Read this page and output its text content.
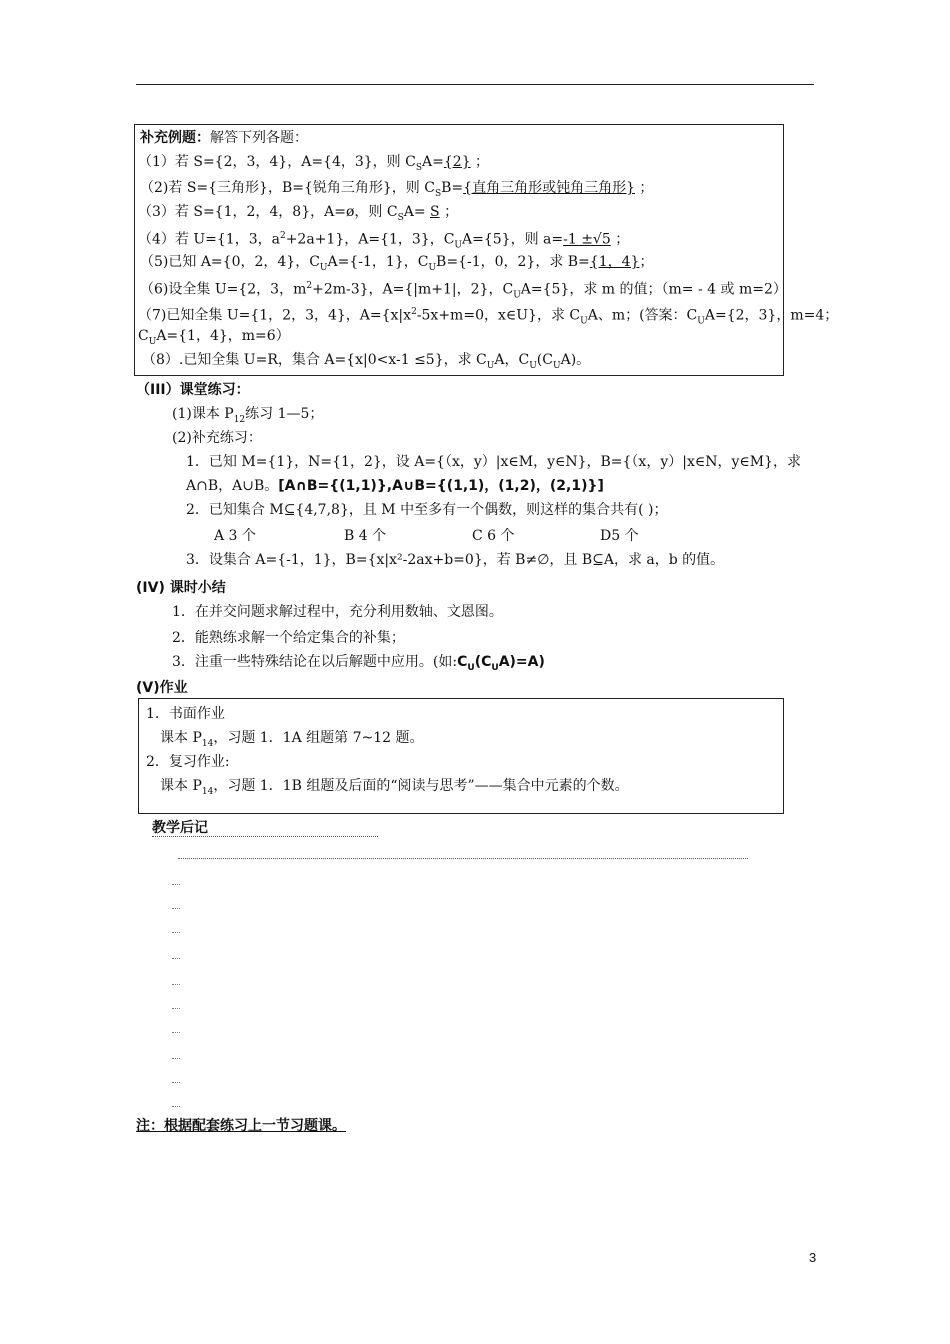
补充例题：解答下列各题：
（1）若 S={2，3，4}，A={4，3}，则 $C_SA=\{2\}$ ；
（2)若 S={三角形}，B={锐角三角形}，则 $C_SB=${直角三角形或钝角三角形} ；
（3）若 S={1，2，4，8}，A=ø，则 $C_SA= S$ ；
（4）若 U={1，3，$a^2+2a+1$}，A={1，3}，$C_UA=\{5\}$，则 a=-1 ±√5 ；
（5)已知 A={0，2，4}，$C_UA=\{-1$，1}，$C_UB=\{-1$，0，2}，求 B={1，4}；
（6)设全集 U={2，3，$m^2+2m-3$}，A={|m+1|，2}，$C_UA=\{5\}$，求 m 的值；（m= - 4 或 m=2）
（7)已知全集 U={1，2，3，4}，$A=\{x|x^2-5x+m=0$，x∈U}，求 $C_UA$、m；(答案：$C_UA=\{2$，3}，m=4；
$C_UA=\{1$，4}，m=6）
（8）.已知全集 U=R，集合 A={x|0<x-1 ≤5}，求 $C_UA$，$C_U(C_UA)$。
（III）课堂练习：
(1)课本 $P_{12}$练习 1—5；
(2)补充练习：
1．已知 M={1}，N={1，2}，设 A={（x，y）|x∈M，y∈N}，B={（x，y）|x∈N，y∈M}，求
A∩B，A∪B。[A∩B={(1,1)},A∪B={(1,1)，(1,2)，(2,1)}]
2．已知集合 M⊆{4,7,8}，且 M 中至多有一个偶数，则这样的集合共有( )；
A 3 个	B 4 个	C 6 个	D5 个
3．设集合 A={-1，1}，B={x|x²-2ax+b=0}，若 B≠∅，且 B⊆A，求 a，b 的值。
(IV) 课时小结
1．在并交问题求解过程中，充分利用数轴、文恩图。
2．能熟练求解一个给定集合的补集；
3．注重一些特殊结论在以后解题中应用。(如$:C_U(C_UA)=A$)
(V)作业
1．书面作业
课本 $P_{14}$，习题 1．1A 组题第 7~12 题。
2．复习作业:
课本 $P_{14}$，习题 1．1B 组题及后面的“阅读与思考”——集合中元素的个数。
教学后记
注：根据配套练习上一节习题课。
3
